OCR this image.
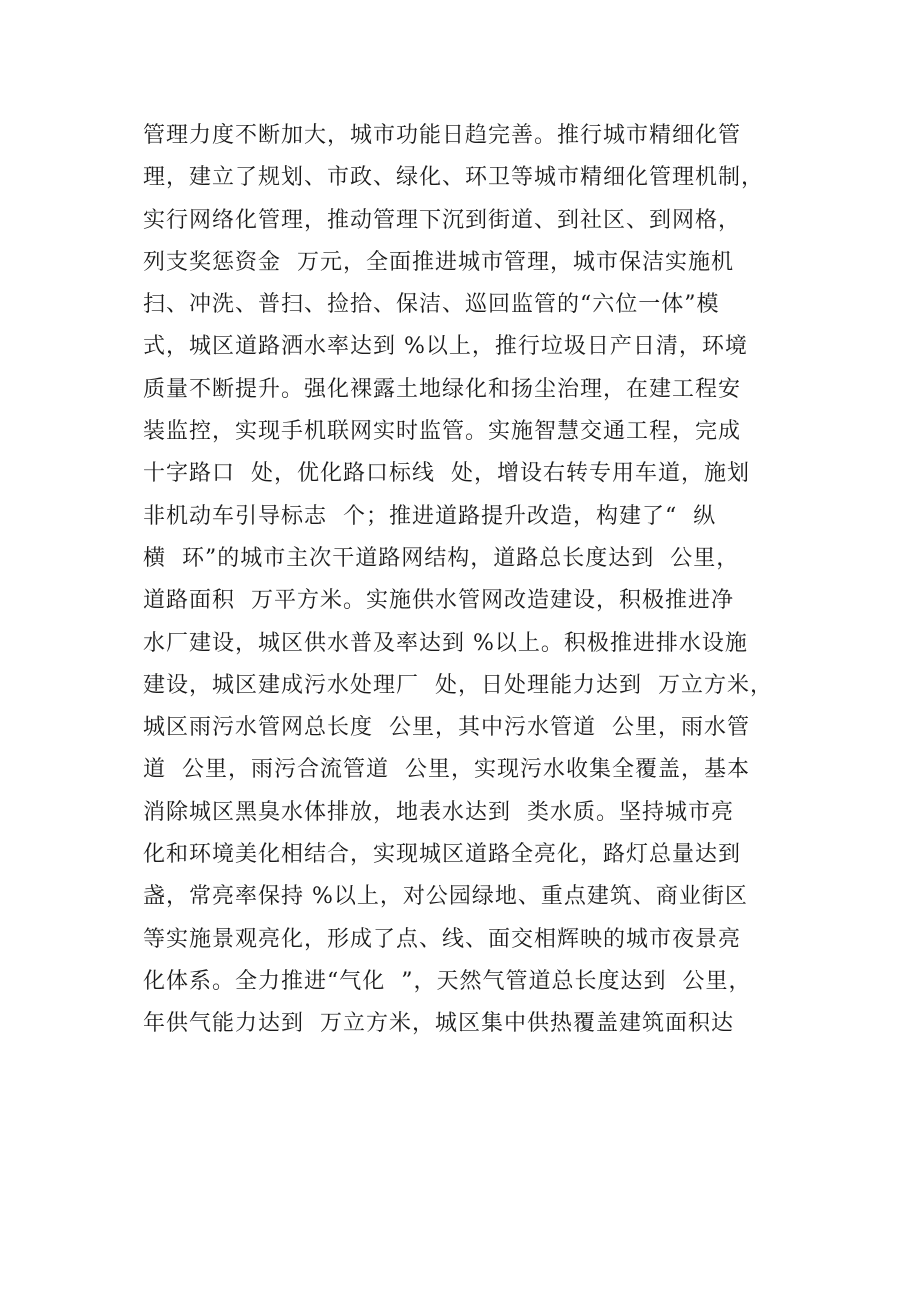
管理力度不断加大，城市功能日趋完善。推行城市精细化管
理，建立了规划、市政、绿化、环卫等城市精细化管理机制，
实行网络化管理，推动管理下沉到街道、到社区、到网格，
列支奖惩资金  万元，全面推进城市管理，城市保洁实施机
扫、冲洗、普扫、捡拾、保洁、巡回监管的“六位一体”模
式，城区道路洒水率达到 %以上，推行垃圾日产日清，环境
质量不断提升。强化裸露土地绿化和扬尘治理，在建工程安
装监控，实现手机联网实时监管。实施智慧交通工程，完成
十字路口  处，优化路口标线  处，增设右转专用车道，施划
非机动车引导标志  个；推进道路提升改造，构建了“  纵
横  环”的城市主次干道路网结构，道路总长度达到  公里，
道路面积  万平方米。实施供水管网改造建设，积极推进净
水厂建设，城区供水普及率达到 %以上。积极推进排水设施
建设，城区建成污水处理厂  处，日处理能力达到  万立方米，
城区雨污水管网总长度  公里，其中污水管道  公里，雨水管
道  公里，雨污合流管道  公里，实现污水收集全覆盖，基本
消除城区黑臭水体排放，地表水达到  类水质。坚持城市亮
化和环境美化相结合，实现城区道路全亮化，路灯总量达到
盏，常亮率保持 %以上，对公园绿地、重点建筑、商业街区
等实施景观亮化，形成了点、线、面交相辉映的城市夜景亮
化体系。全力推进“气化  ”，天然气管道总长度达到  公里，
年供气能力达到  万立方米，城区集中供热覆盖建筑面积达
